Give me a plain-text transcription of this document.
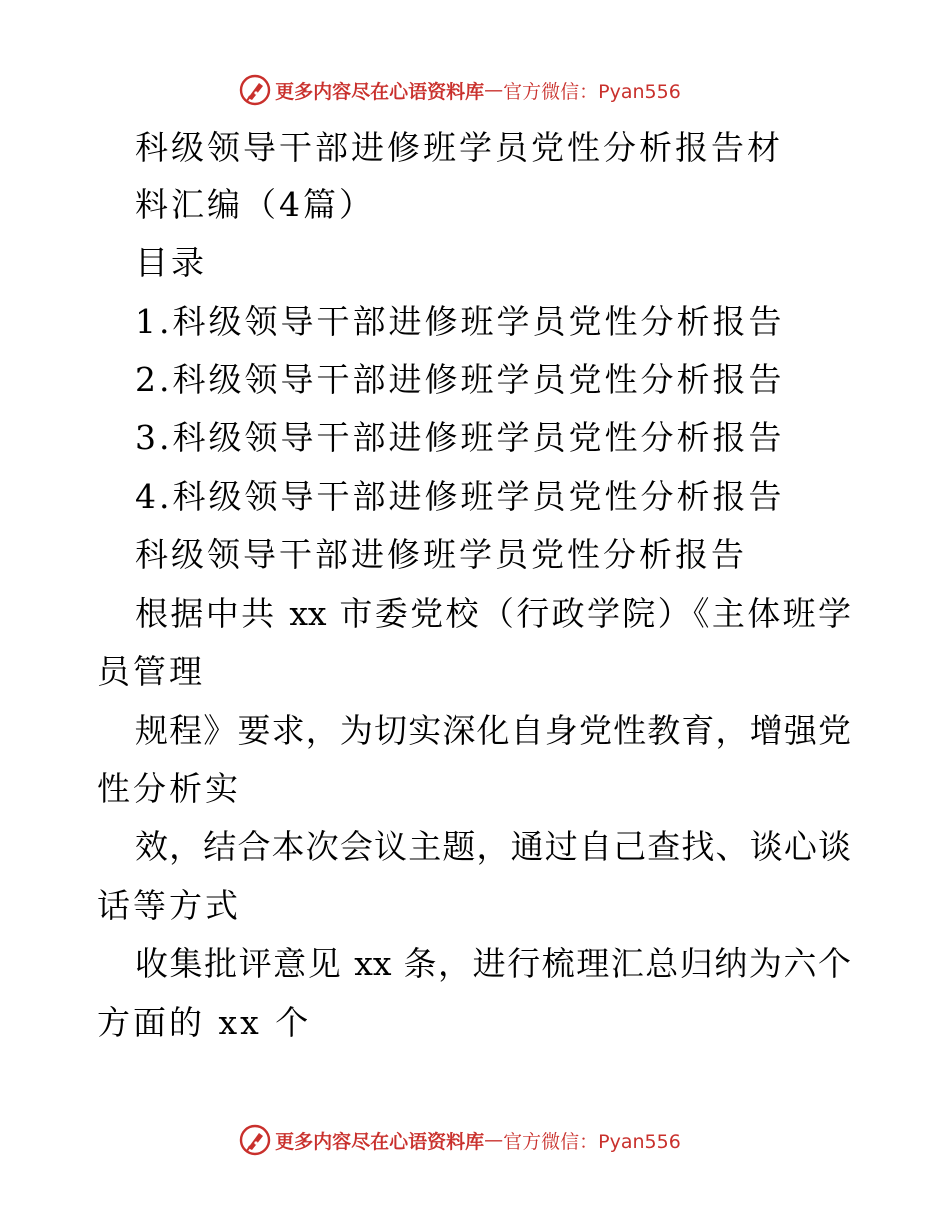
更多内容尽在心语资料库 — 官方微信：Pyan556
科级领导干部进修班学员党性分析报告材
料汇编（4篇）
目录
1.科级领导干部进修班学员党性分析报告
2.科级领导干部进修班学员党性分析报告
3.科级领导干部进修班学员党性分析报告
4.科级领导干部进修班学员党性分析报告
科级领导干部进修班学员党性分析报告
根据中共 xx 市委党校（行政学院）《主体班学
员管理
规程》要求，为切实深化自身党性教育，增强党
性分析实
效，结合本次会议主题，通过自己查找、谈心谈
话等方式
收集批评意见 xx 条，进行梳理汇总归纳为六个
方面的 xx 个
更多内容尽在心语资料库 — 官方微信：Pyan556
